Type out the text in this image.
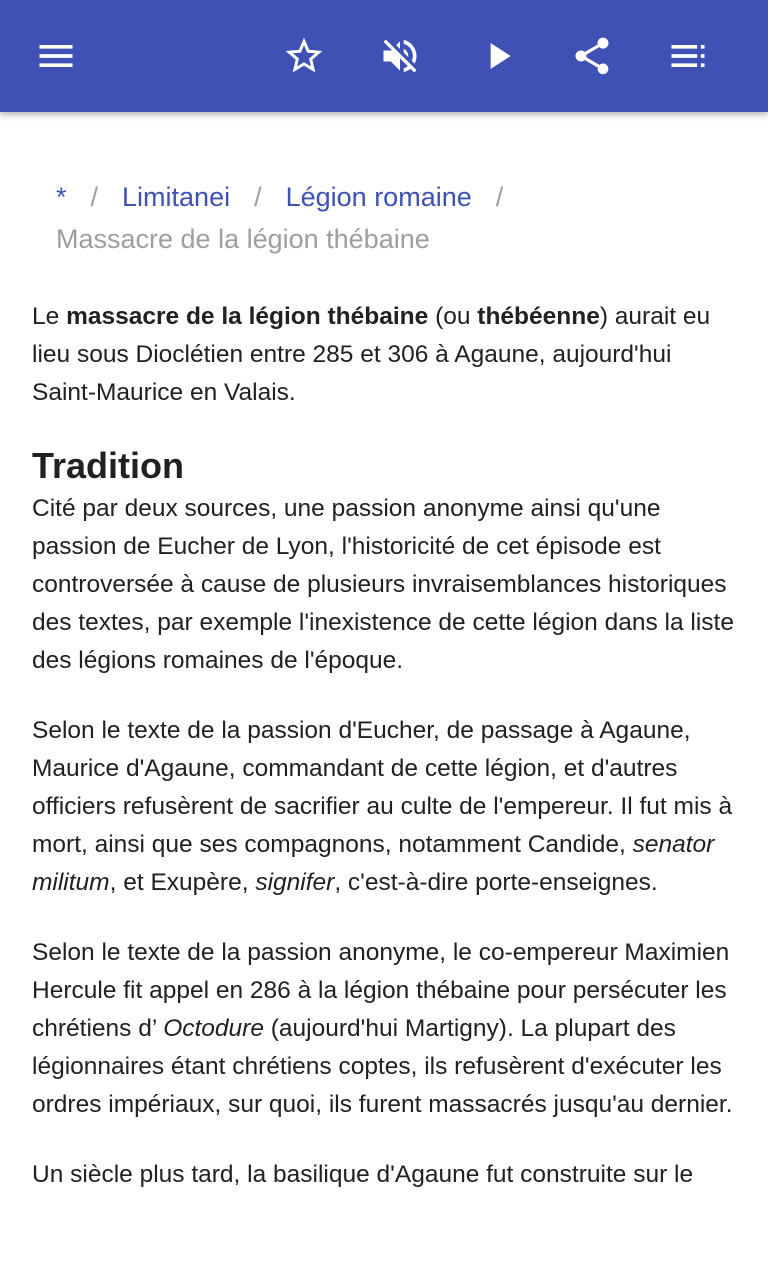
* / Limitanei / Légion romaine /
Massacre de la légion thébaine

Le massacre de la légion thébaine (ou thébéenne) aurait eu lieu sous Dioclétien entre 285 et 306 à Agaune, aujourd'hui Saint-Maurice en Valais.

Tradition

Cité par deux sources, une passion anonyme ainsi qu'une passion de Eucher de Lyon, l'historicité de cet épisode est controversée à cause de plusieurs invraisemblances historiques des textes, par exemple l'inexistence de cette légion dans la liste des légions romaines de l'époque.

Selon le texte de la passion d'Eucher, de passage à Agaune, Maurice d'Agaune, commandant de cette légion, et d'autres officiers refusèrent de sacrifier au culte de l'empereur. Il fut mis à mort, ainsi que ses compagnons, notamment Candide, senator militum, et Exupère, signifer, c'est-à-dire porte-enseignes.

Selon le texte de la passion anonyme, le co-empereur Maximien Hercule fit appel en 286 à la légion thébaine pour persécuter les chrétiens d’ Octodure (aujourd'hui Martigny). La plupart des légionnaires étant chrétiens coptes, ils refusèrent d'exécuter les ordres impériaux, sur quoi, ils furent massacrés jusqu'au dernier.

Un siècle plus tard, la basilique d'Agaune fut construite sur le
